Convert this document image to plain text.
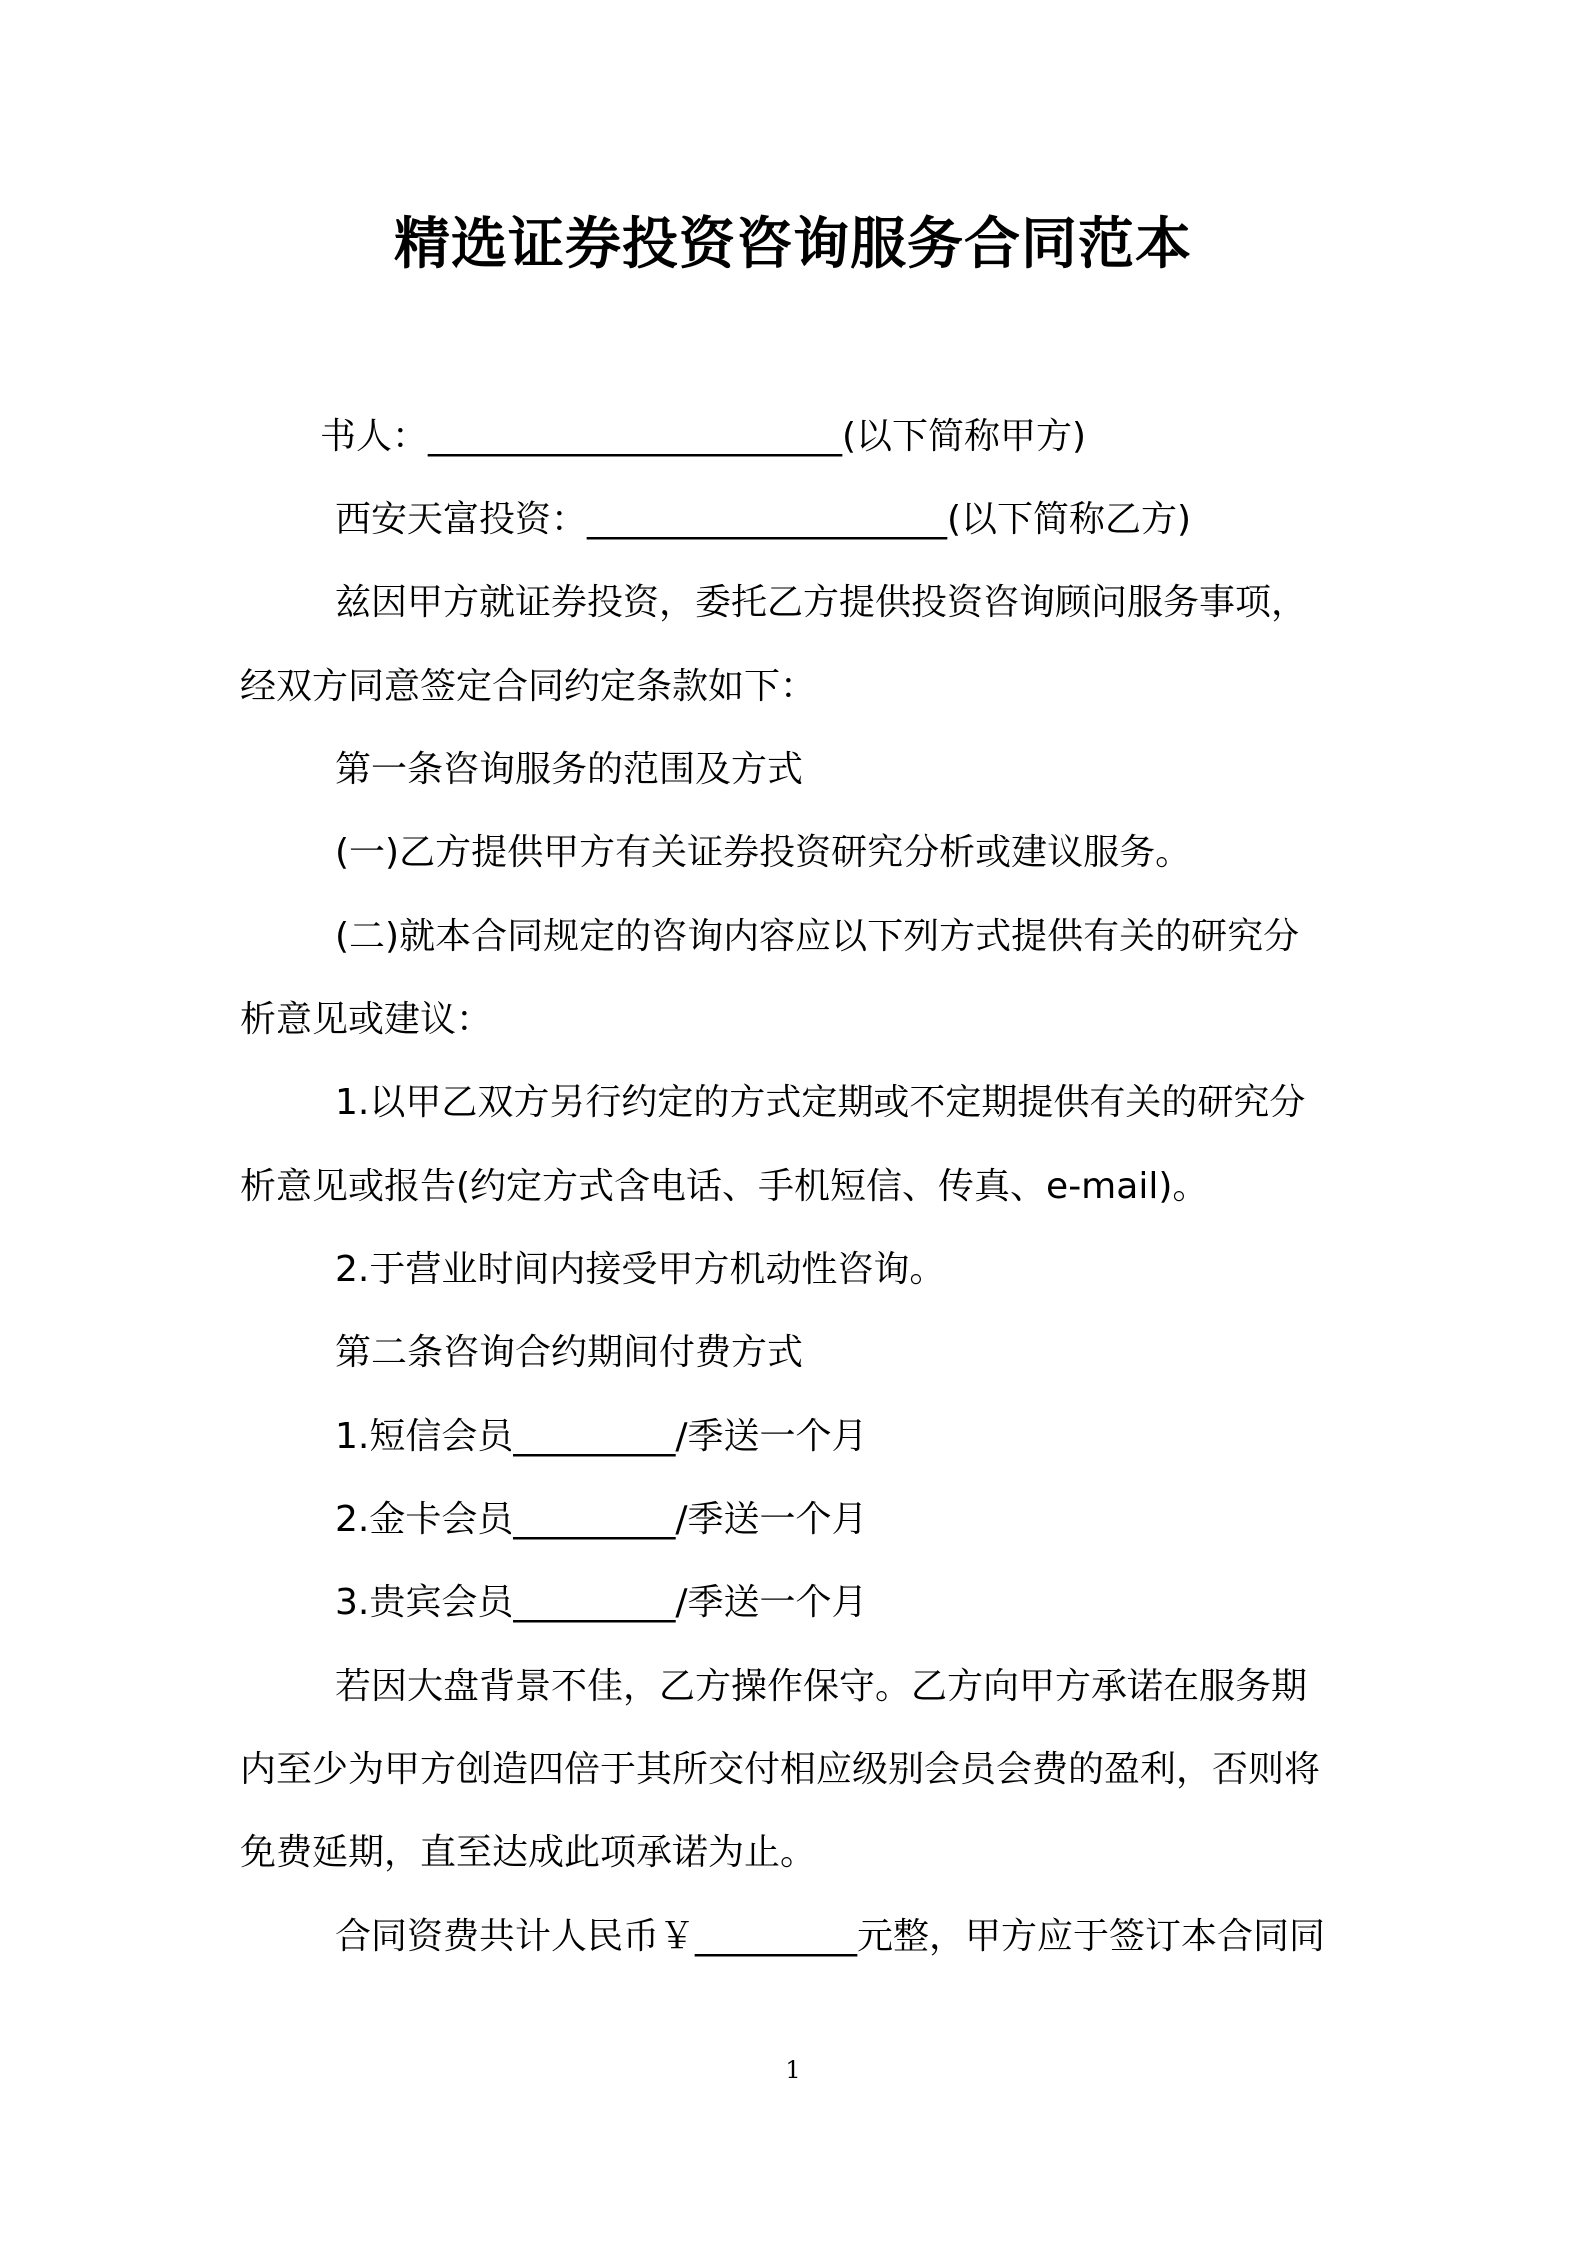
精选证券投资咨询服务合同范本
书人：_______________________(以下简称甲方)
西安天富投资：____________________(以下简称乙方)
兹因甲方就证券投资，委托乙方提供投资咨询顾问服务事项，
经双方同意签定合同约定条款如下：
第一条咨询服务的范围及方式
(一)乙方提供甲方有关证券投资研究分析或建议服务。
(二)就本合同规定的咨询内容应以下列方式提供有关的研究分
析意见或建议：
1.以甲乙双方另行约定的方式定期或不定期提供有关的研究分
析意见或报告(约定方式含电话、手机短信、传真、e-mail)。
2.于营业时间内接受甲方机动性咨询。
第二条咨询合约期间付费方式
1.短信会员_________/季送一个月
2.金卡会员_________/季送一个月
3.贵宾会员_________/季送一个月
若因大盘背景不佳，乙方操作保守。乙方向甲方承诺在服务期
内至少为甲方创造四倍于其所交付相应级别会员会费的盈利，否则将
免费延期，直至达成此项承诺为止。
合同资费共计人民币￥_________元整，甲方应于签订本合同同
1
